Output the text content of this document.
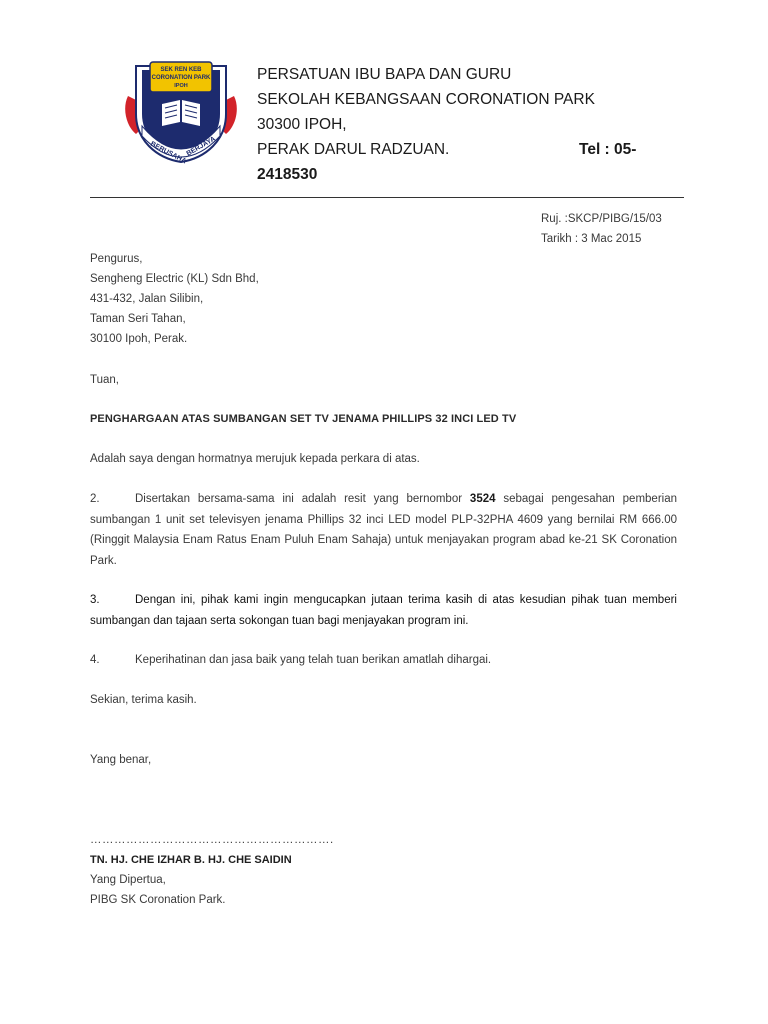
SEK REN KEB
CORONATION PARK
IPOH
BERUSAHA
BERJAYA
PERSATUAN IBU BAPA DAN GURU
SEKOLAH KEBANGSAAN CORONATION PARK
30300 IPOH,
PERAK DARUL RADZUAN.	Tel : 05-
2418530
Ruj. :SKCP/PIBG/15/03
Tarikh : 3 Mac 2015
Pengurus,
Sengheng Electric (KL) Sdn Bhd,
431-432, Jalan Silibin,
Taman Seri Tahan,
30100 Ipoh, Perak.
Tuan,
PENGHARGAAN ATAS SUMBANGAN SET TV JENAMA PHILLIPS 32 INCI LED TV
Adalah saya dengan hormatnya merujuk kepada perkara di atas.
2.	Disertakan bersama-sama ini adalah resit yang bernombor 3524 sebagai pengesahan pemberian sumbangan 1 unit set televisyen jenama Phillips 32 inci LED model PLP-32PHA 4609 yang bernilai RM 666.00 (Ringgit Malaysia Enam Ratus Enam Puluh Enam Sahaja) untuk menjayakan program abad ke-21 SK Coronation Park.
3.	Dengan ini, pihak kami ingin mengucapkan jutaan terima kasih di atas kesudian pihak tuan memberi sumbangan dan tajaan serta sokongan tuan bagi menjayakan program ini.
4.	Keperihatinan dan jasa baik yang telah tuan berikan amatlah dihargai.
Sekian, terima kasih.
Yang benar,
…………………………………………………….
TN. HJ. CHE IZHAR B. HJ. CHE SAIDIN
Yang Dipertua,
PIBG SK Coronation Park.
